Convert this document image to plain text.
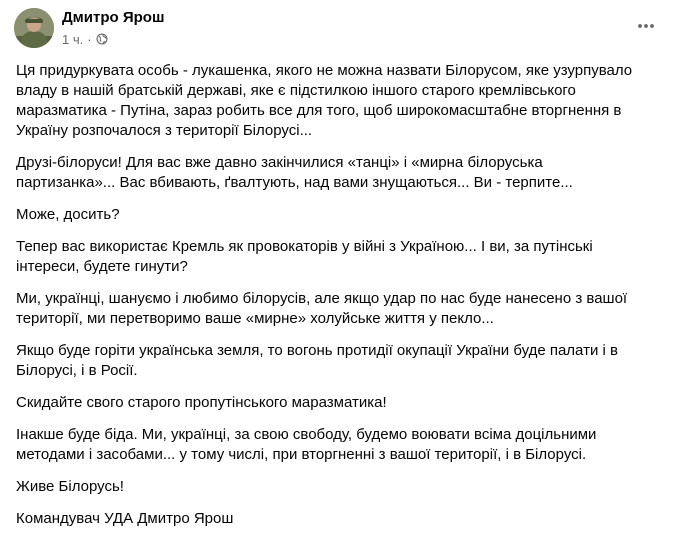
Дмитро Ярош
1 ч. ·

Ця придуркувата особь - лукашенка, якого не можна назвати Білорусом, яке узурпувало
владу в нашій братській державі, яке є підстилкою іншого старого кремлівського
маразматика - Путіна, зараз робить все для того, щоб широкомасштабне вторгнення в
Україну розпочалося з території Білорусі...

Друзі-білоруси! Для вас вже давно закінчилися «танці» і «мирна білоруська
партизанка»... Вас вбивають, ґвалтують, над вами знущаються... Ви - терпите...

Може, досить?

Тепер вас використає Кремль як провокаторів у війні з Україною... І ви, за путінські
інтереси, будете гинути?

Ми, українці, шануємо і любимо білорусів, але якщо удар по нас буде нанесено з вашої
території, ми перетворимо ваше «мирне» холуйське життя у пекло...

Якщо буде горіти українська земля, то вогонь протидії окупації України буде палати і в
Білорусі, і в Росії.

Скидайте свого старого пропутінського маразматика!

Інакше буде біда. Ми, українці, за свою свободу, будемо воювати всіма доцільними
методами і засобами... у тому числі, при вторгненні з вашої території, і в Білорусі.

Живе Білорусь!

Командувач УДА Дмитро Ярош
